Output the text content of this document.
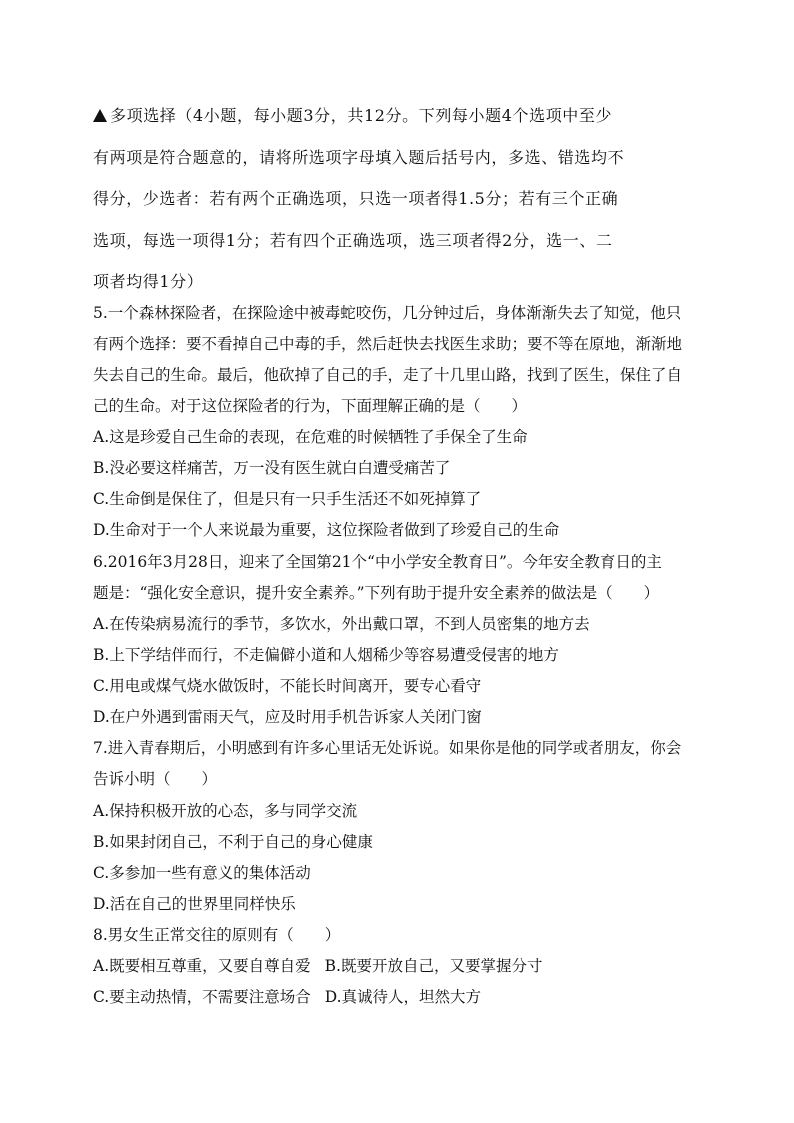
多项选择（4小题，每小题3分，共12分。下列每小题4个选项中至少
有两项是符合题意的，请将所选项字母填入题后括号内，多选、错选均不
得分，少选者：若有两个正确选项，只选一项者得1.5分；若有三个正确
选项，每选一项得1分；若有四个正确选项，选三项者得2分，选一、二
项者均得1分）
5.一个森林探险者，在探险途中被毒蛇咬伤，几分钟过后，身体渐渐失去了知觉，他只
有两个选择：要不看掉自己中毒的手，然后赶快去找医生求助；要不等在原地，渐渐地
失去自己的生命。最后，他砍掉了自己的手，走了十几里山路，找到了医生，保住了自
己的生命。对于这位探险者的行为，下面理解正确的是（　　）
A.这是珍爱自己生命的表现，在危难的时候牺牲了手保全了生命
B.没必要这样痛苦，万一没有医生就白白遭受痛苦了
C.生命倒是保住了，但是只有一只手生活还不如死掉算了
D.生命对于一个人来说最为重要，这位探险者做到了珍爱自己的生命
6.2016年3月28日，迎来了全国第21个“中小学安全教育日”。今年安全教育日的主
题是：“强化安全意识，提升安全素养。”下列有助于提升安全素养的做法是（　　）
A.在传染病易流行的季节，多饮水，外出戴口罩，不到人员密集的地方去
B.上下学结伴而行，不走偏僻小道和人烟稀少等容易遭受侵害的地方
C.用电或煤气烧水做饭时，不能长时间离开，要专心看守
D.在户外遇到雷雨天气，应及时用手机告诉家人关闭门窗
7.进入青春期后，小明感到有许多心里话无处诉说。如果你是他的同学或者朋友，你会
告诉小明（　　）
A.保持积极开放的心态，多与同学交流
B.如果封闭自己，不利于自己的身心健康
C.多参加一些有意义的集体活动
D.活在自己的世界里同样快乐
8.男女生正常交往的原则有（　　）
A.既要相互尊重，又要自尊自爱 B.既要开放自己，又要掌握分寸
C.要主动热情，不需要注意场合 D.真诚待人，坦然大方
